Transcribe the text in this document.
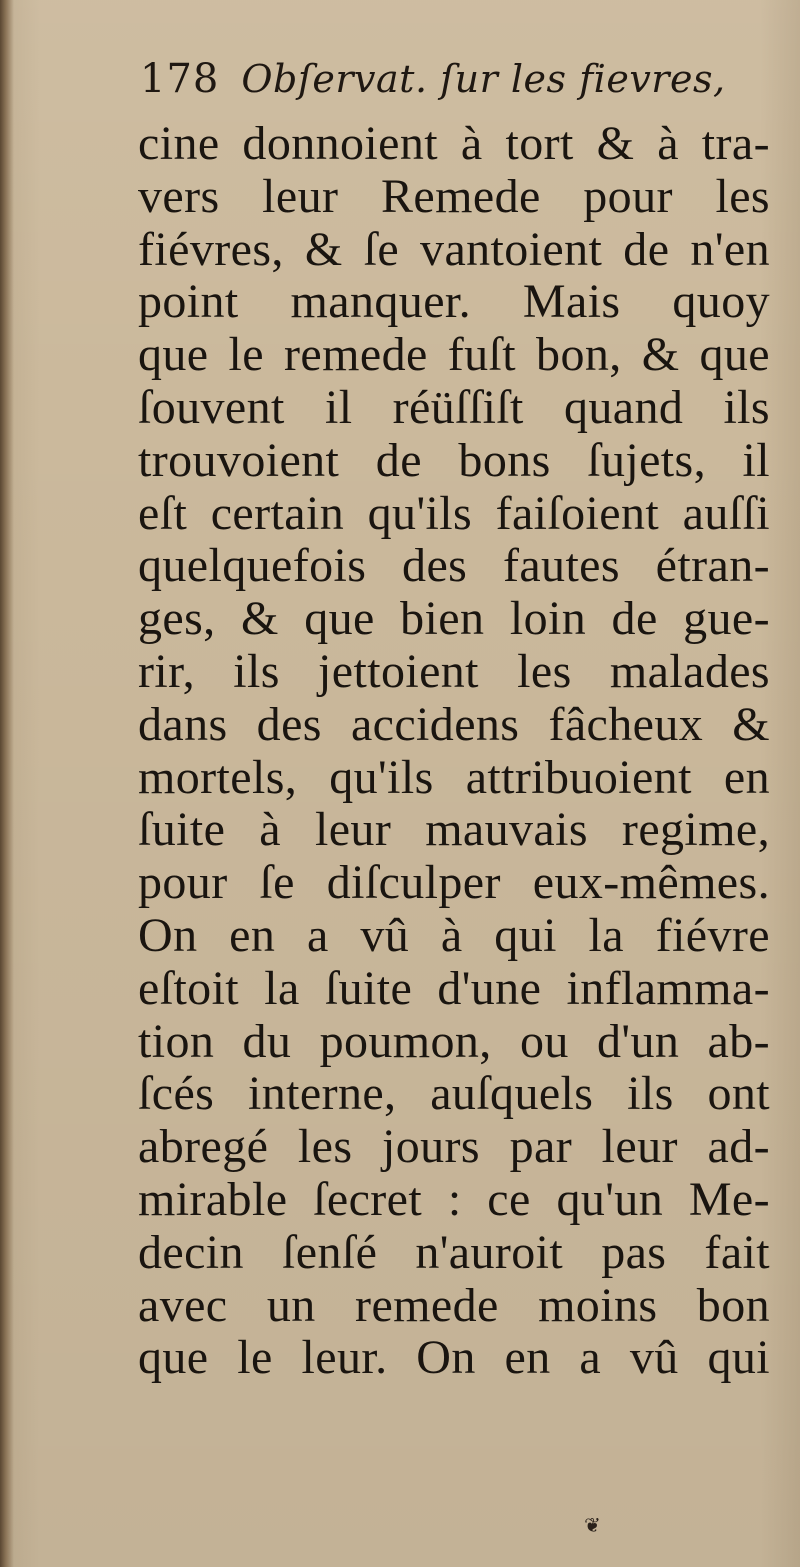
178 Obſervat. ſur les fievres,
cine donnoient à tort & à tra-
vers leur Remede pour les
fiévres, & ſe vantoient de n'en
point manquer. Mais quoy
que le remede fuſt bon, & que
ſouvent il réüſſiſt quand ils
trouvoient de bons ſujets, il
eſt certain qu'ils faiſoient auſſi
quelquefois des fautes étran-
ges, & que bien loin de gue-
rir, ils jettoient les malades
dans des accidens fâcheux &
mortels, qu'ils attribuoient en
ſuite à leur mauvais regime,
pour ſe diſculper eux-mêmes.
On en a vû à qui la fiévre
eſtoit la ſuite d'une inflamma-
tion du poumon, ou d'un ab-
ſcés interne, auſquels ils ont
abregé les jours par leur ad-
mirable ſecret : ce qu'un Me-
decin ſenſé n'auroit pas fait
avec un remede moins bon
que le leur. On en a vû qui
❦
